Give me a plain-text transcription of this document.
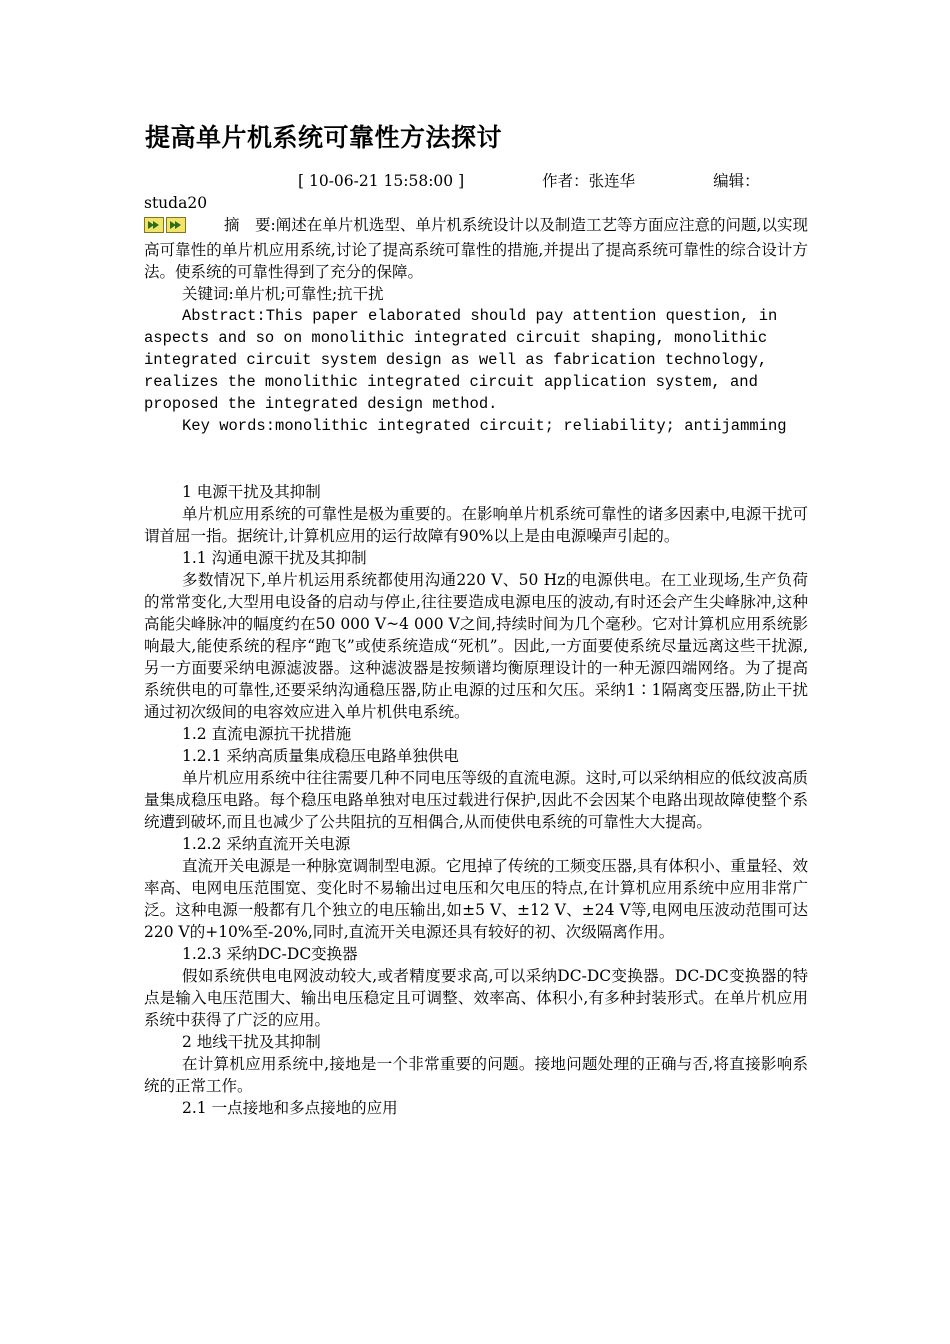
提高单片机系统可靠性方法探讨

[ 10-06-21 15:58:00 ]	作者：张连华	编辑：

studa20

摘　要:阐述在单片机选型、单片机系统设计以及制造工艺等方面应注意的问题,以实现高可靠性的单片机应用系统,讨论了提高系统可靠性的措施,并提出了提高系统可靠性的综合设计方法。使系统的可靠性得到了充分的保障。

关键词:单片机;可靠性;抗干扰

Abstract:This paper elaborated should pay attention question, in aspects and so on monolithic integrated circuit shaping, monolithic integrated circuit system design as well as fabrication technology, realizes the monolithic integrated circuit application system, and proposed the integrated design method.

Key words:monolithic integrated circuit; reliability; antijamming

1 电源干扰及其抑制

单片机应用系统的可靠性是极为重要的。在影响单片机系统可靠性的诸多因素中,电源干扰可谓首屈一指。据统计,计算机应用的运行故障有90%以上是由电源噪声引起的。

1.1 沟通电源干扰及其抑制

多数情况下,单片机运用系统都使用沟通220 V、50 Hz的电源供电。在工业现场,生产负荷的常常变化,大型用电设备的启动与停止,往往要造成电源电压的波动,有时还会产生尖峰脉冲,这种高能尖峰脉冲的幅度约在50 000 V~4 000 V之间,持续时间为几个毫秒。它对计算机应用系统影响最大,能使系统的程序“跑飞”或使系统造成“死机”。因此,一方面要使系统尽量远离这些干扰源,另一方面要采纳电源滤波器。这种滤波器是按频谱均衡原理设计的一种无源四端网络。为了提高系统供电的可靠性,还要采纳沟通稳压器,防止电源的过压和欠压。采纳1∶1隔离变压器,防止干扰通过初次级间的电容效应进入单片机供电系统。

1.2 直流电源抗干扰措施

1.2.1 采纳高质量集成稳压电路单独供电

单片机应用系统中往往需要几种不同电压等级的直流电源。这时,可以采纳相应的低纹波高质量集成稳压电路。每个稳压电路单独对电压过载进行保护,因此不会因某个电路出现故障使整个系统遭到破坏,而且也减少了公共阻抗的互相偶合,从而使供电系统的可靠性大大提高。

1.2.2 采纳直流开关电源

直流开关电源是一种脉宽调制型电源。它甩掉了传统的工频变压器,具有体积小、重量轻、效率高、电网电压范围宽、变化时不易输出过电压和欠电压的特点,在计算机应用系统中应用非常广泛。这种电源一般都有几个独立的电压输出,如±5 V、±12 V、±24 V等,电网电压波动范围可达220 V的+10%至-20%,同时,直流开关电源还具有较好的初、次级隔离作用。

1.2.3 采纳DC-DC变换器

假如系统供电电网波动较大,或者精度要求高,可以采纳DC-DC变换器。DC-DC变换器的特点是输入电压范围大、输出电压稳定且可调整、效率高、体积小,有多种封装形式。在单片机应用系统中获得了广泛的应用。

2 地线干扰及其抑制

在计算机应用系统中,接地是一个非常重要的问题。接地问题处理的正确与否,将直接影响系统的正常工作。

2.1 一点接地和多点接地的应用
